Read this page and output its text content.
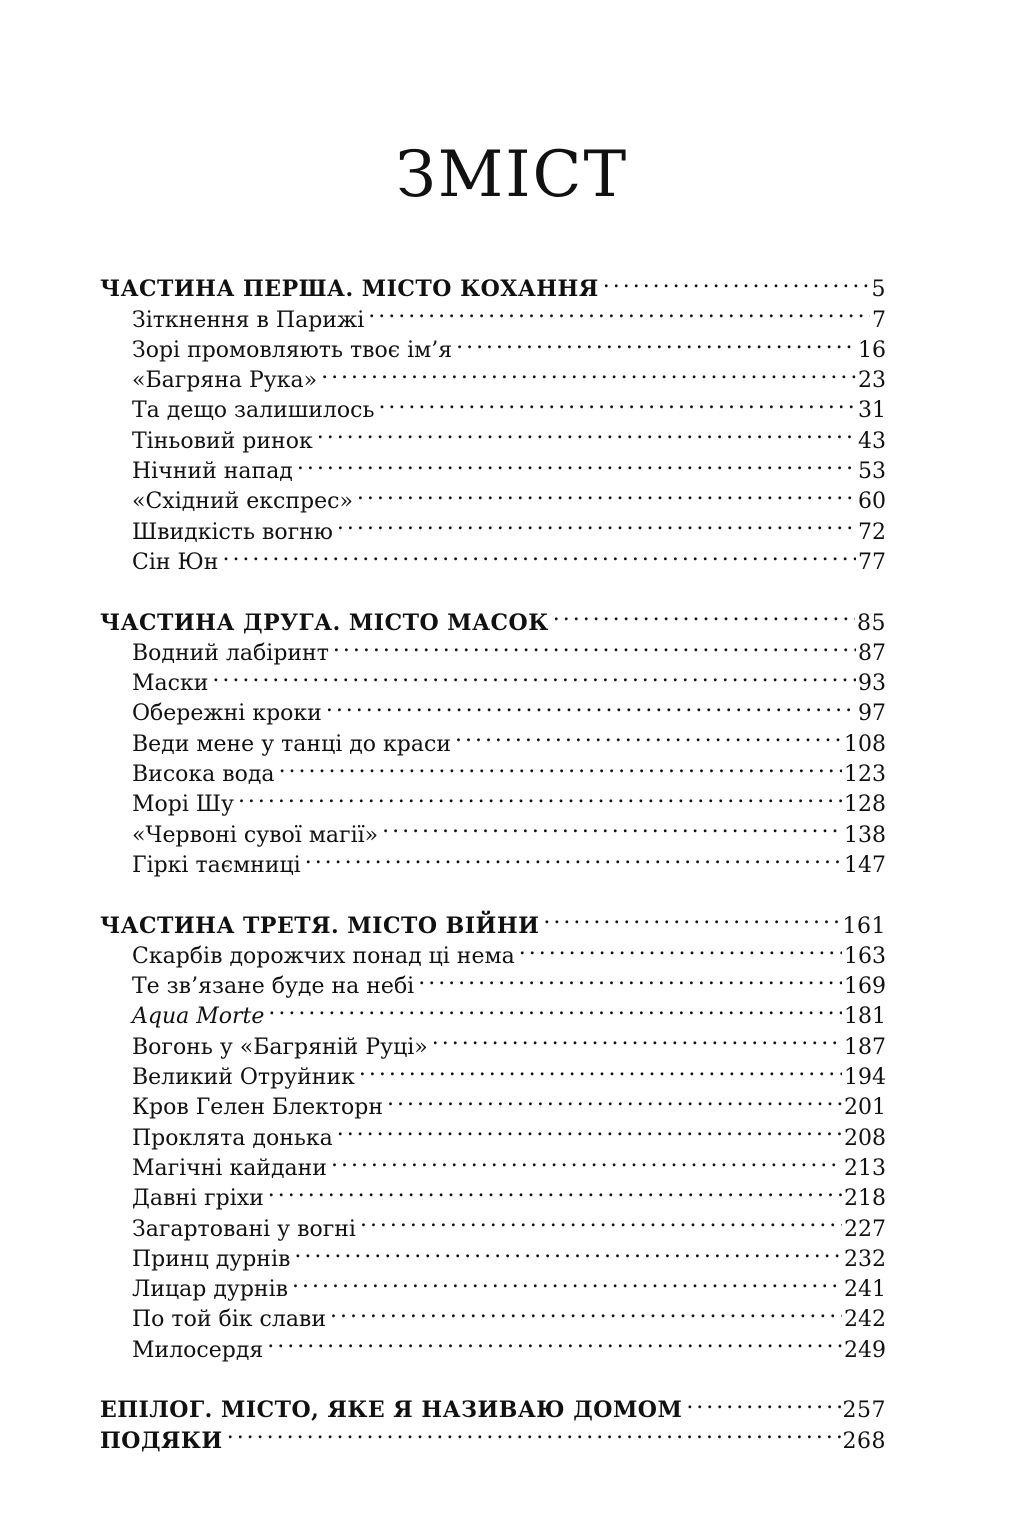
ЗМІСТ
ЧАСТИНА ПЕРША. МІСТО КОХАННЯ . . .	5
Зіткнення в Парижі . . .	7
Зорі промовляють твоє ім’я . . .	16
«Багряна Рука» . . .	23
Та дещо залишилось . . .	31
Тіньовий ринок . . .	43
Нічний напад . . .	53
«Східний експрес» . . .	60
Швидкість вогню . . .	72
Сін Юн . . .	77
ЧАСТИНА ДРУГА. МІСТО МАСОК . . .	85
Водний лабіринт . . .	87
Маски . . .	93
Обережні кроки . . .	97
Веди мене у танці до краси . . .	108
Висока вода . . .	123
Морі Шу . . .	128
«Червоні сувої магії» . . .	138
Гіркі таємниці . . .	147
ЧАСТИНА ТРЕТЯ. МІСТО ВІЙНИ . . .	161
Скарбів дорожчих понад ці нема . . .	163
Те зв’язане буде на небі . . .	169
Aqua Morte . . .	181
Вогонь у «Багряній Руці» . . .	187
Великий Отруйник . . .	194
Кров Гелен Блекторн . . .	201
Проклята донька . . .	208
Магічні кайдани . . .	213
Давні гріхи . . .	218
Загартовані у вогні . . .	227
Принц дурнів . . .	232
Лицар дурнів . . .	241
По той бік слави . . .	242
Милосердя . . .	249
ЕПІЛОГ. МІСТО, ЯКЕ Я НАЗИВАЮ ДОМОМ . . .	257
ПОДЯКИ . . .	268
